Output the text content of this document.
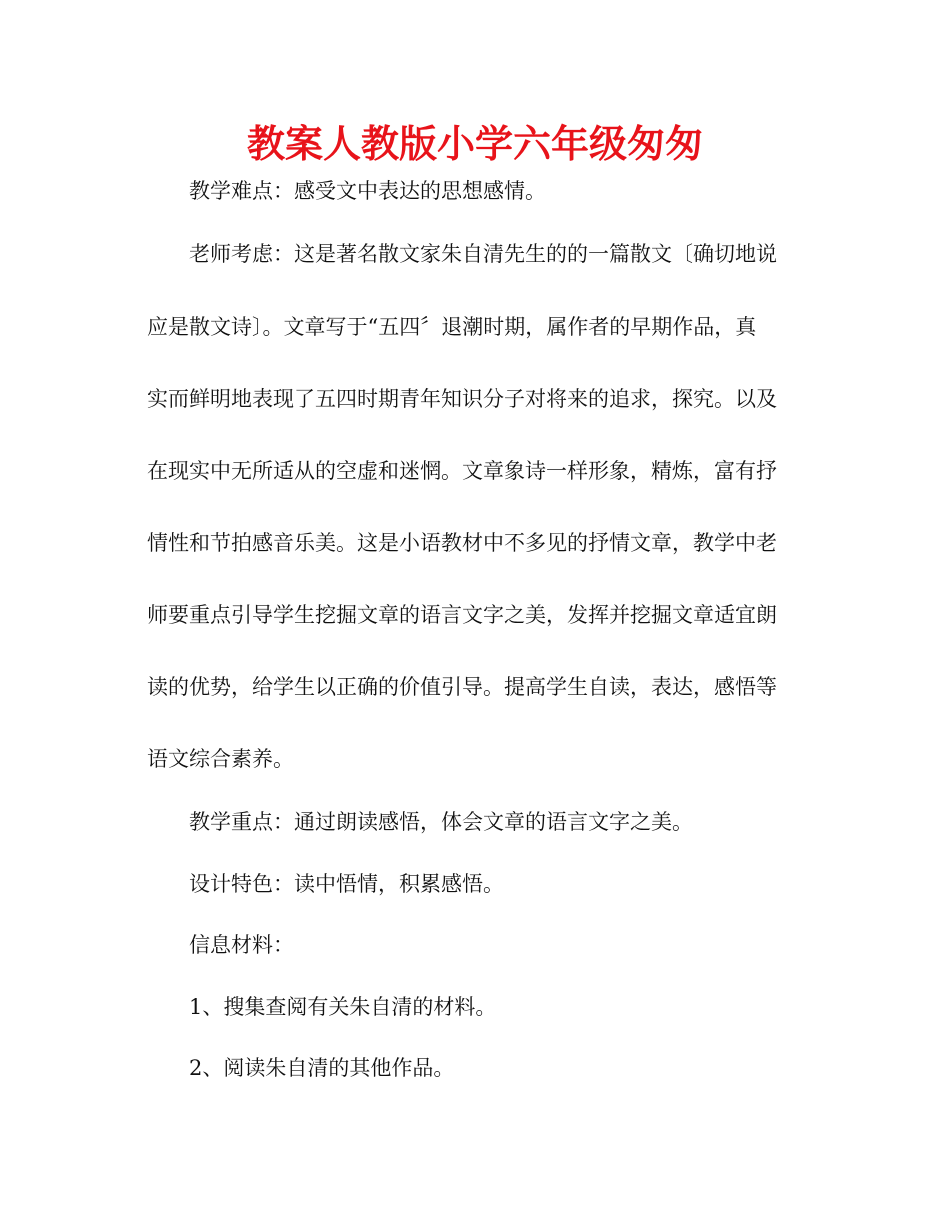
教案人教版小学六年级匆匆

教学难点：感受文中表达的思想感情。

老师考虑：这是著名散文家朱自清先生的的一篇散文〔确切地说

应是散文诗〕。文章写于“五四〞退潮时期，属作者的早期作品，真

实而鲜明地表现了五四时期青年知识分子对将来的追求，探究。以及

在现实中无所适从的空虚和迷惘。文章象诗一样形象，精炼，富有抒

情性和节拍感音乐美。这是小语教材中不多见的抒情文章，教学中老

师要重点引导学生挖掘文章的语言文字之美，发挥并挖掘文章适宜朗

读的优势，给学生以正确的价值引导。提高学生自读，表达，感悟等

语文综合素养。

教学重点：通过朗读感悟，体会文章的语言文字之美。

设计特色：读中悟情，积累感悟。

信息材料：

1、搜集查阅有关朱自清的材料。

2、阅读朱自清的其他作品。
